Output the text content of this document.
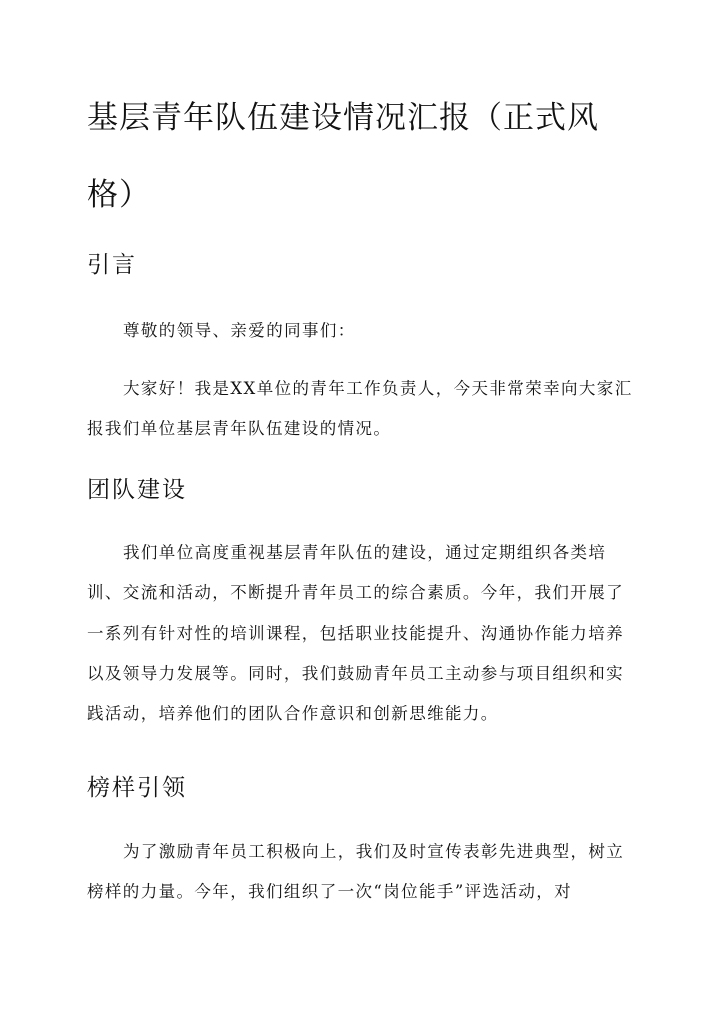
基层青年队伍建设情况汇报（正式风格）
引言

尊敬的领导、亲爱的同事们：

大家好！我是XX单位的青年工作负责人，今天非常荣幸向大家汇报我们单位基层青年队伍建设的情况。

团队建设

我们单位高度重视基层青年队伍的建设，通过定期组织各类培训、交流和活动，不断提升青年员工的综合素质。今年，我们开展了一系列有针对性的培训课程，包括职业技能提升、沟通协作能力培养以及领导力发展等。同时，我们鼓励青年员工主动参与项目组织和实践活动，培养他们的团队合作意识和创新思维能力。

榜样引领

为了激励青年员工积极向上，我们及时宣传表彰先进典型，树立榜样的力量。今年，我们组织了一次“岗位能手”评选活动，对
